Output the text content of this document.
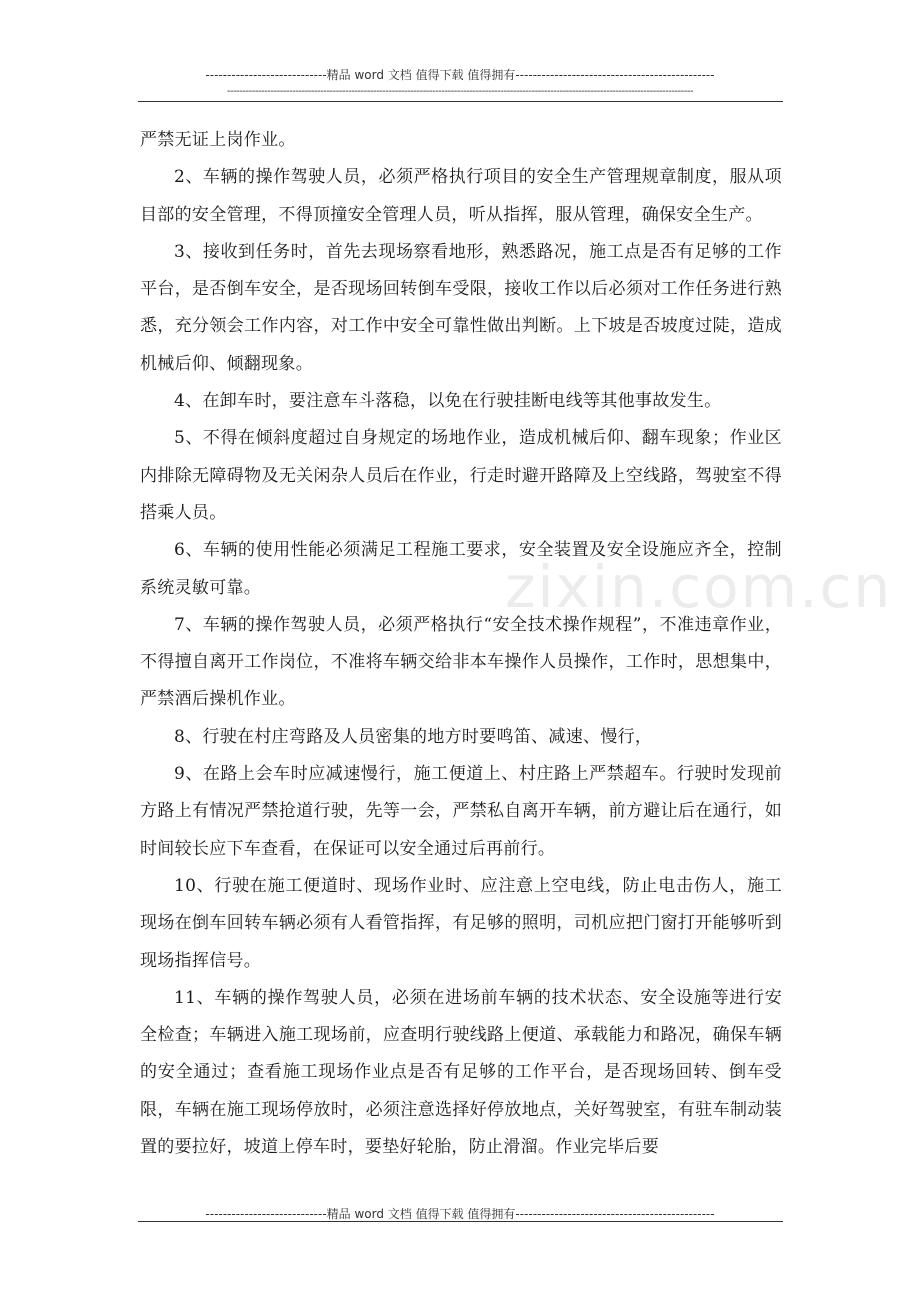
----------------------------精品 word 文档 值得下载 值得拥有----------------------------------------------
------------------------------------------------------------------------------------------------------------------------------------------------------
zixin.com.cn

严禁无证上岗作业。

2、车辆的操作驾驶人员，必须严格执行项目的安全生产管理规章制度，服从项目部的安全管理，不得顶撞安全管理人员，听从指挥，服从管理，确保安全生产。

3、接收到任务时，首先去现场察看地形，熟悉路况，施工点是否有足够的工作平台，是否倒车安全，是否现场回转倒车受限，接收工作以后必须对工作任务进行熟悉，充分领会工作内容，对工作中安全可靠性做出判断。上下坡是否坡度过陡，造成机械后仰、倾翻现象。

4、在卸车时，要注意车斗落稳，以免在行驶挂断电线等其他事故发生。

5、不得在倾斜度超过自身规定的场地作业，造成机械后仰、翻车现象；作业区内排除无障碍物及无关闲杂人员后在作业，行走时避开路障及上空线路，驾驶室不得搭乘人员。

6、车辆的使用性能必须满足工程施工要求，安全装置及安全设施应齐全，控制系统灵敏可靠。

7、车辆的操作驾驶人员，必须严格执行“安全技术操作规程”，不准违章作业，不得擅自离开工作岗位，不准将车辆交给非本车操作人员操作，工作时，思想集中，严禁酒后操机作业。

8、行驶在村庄弯路及人员密集的地方时要鸣笛、减速、慢行，

9、在路上会车时应减速慢行，施工便道上、村庄路上严禁超车。行驶时发现前方路上有情况严禁抢道行驶，先等一会，严禁私自离开车辆，前方避让后在通行，如时间较长应下车查看，在保证可以安全通过后再前行。

10、行驶在施工便道时、现场作业时、应注意上空电线，防止电击伤人，施工现场在倒车回转车辆必须有人看管指挥，有足够的照明，司机应把门窗打开能够听到现场指挥信号。

11、车辆的操作驾驶人员，必须在进场前车辆的技术状态、安全设施等进行安全检查；车辆进入施工现场前，应查明行驶线路上便道、承载能力和路况，确保车辆的安全通过；查看施工现场作业点是否有足够的工作平台，是否现场回转、倒车受限，车辆在施工现场停放时，必须注意选择好停放地点，关好驾驶室，有驻车制动装置的要拉好，坡道上停车时，要垫好轮胎，防止滑溜。作业完毕后要

----------------------------精品 word 文档 值得下载 值得拥有----------------------------------------------
